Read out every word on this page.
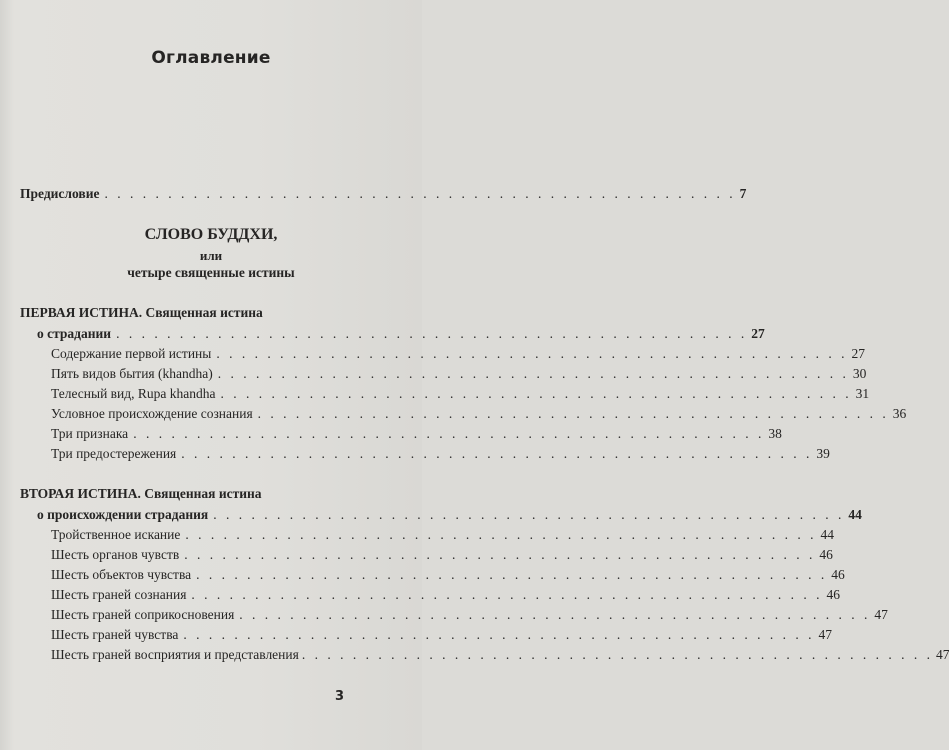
Оглавление
Предисловие . . . . . . . . . . . . . . . . . . . . . . . . . . . . . . . . . . . . . . . . . . . . . . . . . . 7
СЛОВО БУДДХИ,
или
четыре священные истины
ПЕРВАЯ ИСТИНА. Священная истина
о страдании . . . . . . . . . . . . . . . . . . . . . . . . . . . . . . . . . . . . . . . . . . . . . . . . . . 27
Содержание первой истины . . . . . . . . . . . . . . . . . . . . . . . . . . . . . . . . . . . . . . . . . . . . . . . . . . 27
Пять видов бытия (khandha) . . . . . . . . . . . . . . . . . . . . . . . . . . . . . . . . . . . . . . . . . . . . . . . . . . 30
Телесный вид, Rupa khandha . . . . . . . . . . . . . . . . . . . . . . . . . . . . . . . . . . . . . . . . . . . . . . . . . . 31
Условное происхождение сознания . . . . . . . . . . . . . . . . . . . . . . . . . . . . . . . . . . . . . . . . . . . . . . . . . . 36
Три признака . . . . . . . . . . . . . . . . . . . . . . . . . . . . . . . . . . . . . . . . . . . . . . . . . . 38
Три предостережения . . . . . . . . . . . . . . . . . . . . . . . . . . . . . . . . . . . . . . . . . . . . . . . . . . 39
ВТОРАЯ ИСТИНА. Священная истина
о происхождении страдания . . . . . . . . . . . . . . . . . . . . . . . . . . . . . . . . . . . . . . . . . . . . . . . . . . 44
Тройственное искание . . . . . . . . . . . . . . . . . . . . . . . . . . . . . . . . . . . . . . . . . . . . . . . . . . 44
Шесть органов чувств . . . . . . . . . . . . . . . . . . . . . . . . . . . . . . . . . . . . . . . . . . . . . . . . . . 46
Шесть объектов чувства . . . . . . . . . . . . . . . . . . . . . . . . . . . . . . . . . . . . . . . . . . . . . . . . . . 46
Шесть граней сознания . . . . . . . . . . . . . . . . . . . . . . . . . . . . . . . . . . . . . . . . . . . . . . . . . . 46
Шесть граней соприкосновения . . . . . . . . . . . . . . . . . . . . . . . . . . . . . . . . . . . . . . . . . . . . . . . . . . 47
Шесть граней чувства . . . . . . . . . . . . . . . . . . . . . . . . . . . . . . . . . . . . . . . . . . . . . . . . . . 47
Шесть граней восприятия и представления . . . . . . . . . . . . . . . . . . . . . . . . . . . . . . . . . . . . . . . . . . . . . . . . . . 47
3
